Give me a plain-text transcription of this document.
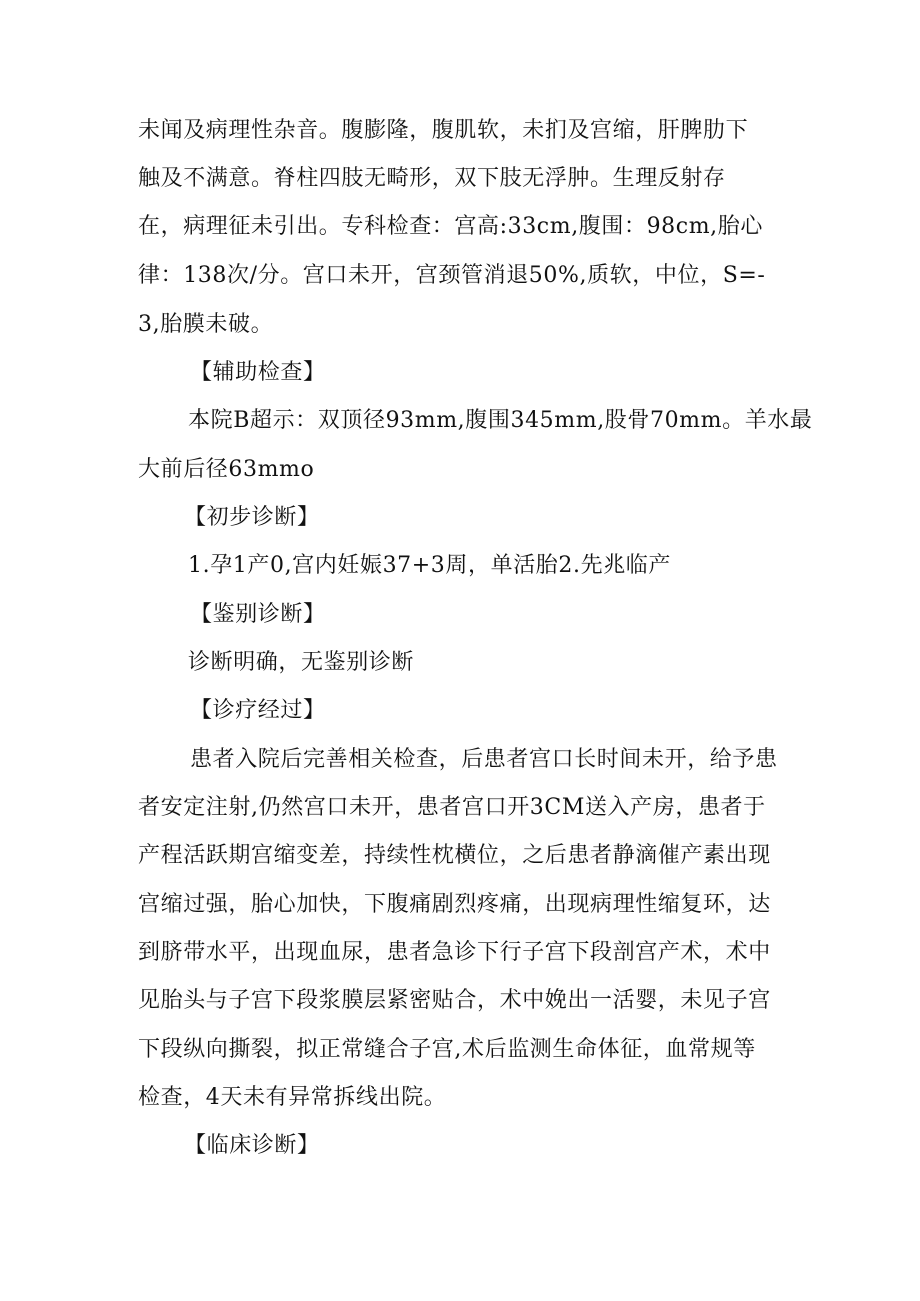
未闻及病理性杂音。腹膨隆，腹肌软，未扪及宫缩，肝脾肋下
触及不满意。脊柱四肢无畸形，双下肢无浮肿。生理反射存
在，病理征未引出。专科检查：宫高:33cm,腹围：98cm,胎心
律：138次/分。宫口未开，宫颈管消退50%,质软，中位，S=-
3,胎膜未破。
【辅助检查】
本院B超示：双顶径93mm,腹围345mm,股骨70mm。羊水最
大前后径63mmo
【初步诊断】
1.孕1产0,宫内妊娠37+3周，单活胎2.先兆临产
【鉴别诊断】
诊断明确，无鉴别诊断
【诊疗经过】
患者入院后完善相关检查，后患者宫口长时间未开，给予患
者安定注射,仍然宫口未开，患者宫口开3CM送入产房，患者于
产程活跃期宫缩变差，持续性枕横位，之后患者静滴催产素出现
宫缩过强，胎心加快，下腹痛剧烈疼痛，出现病理性缩复环，达
到脐带水平，出现血尿，患者急诊下行子宫下段剖宫产术，术中
见胎头与子宫下段浆膜层紧密贴合，术中娩出一活婴，未见子宫
下段纵向撕裂，拟正常缝合子宫,术后监测生命体征，血常规等
检查，4天未有异常拆线出院。
【临床诊断】
